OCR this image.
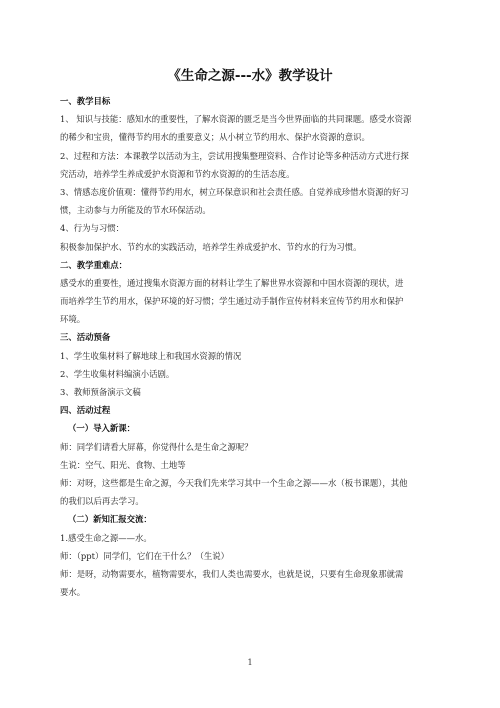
《生命之源---水》教学设计
一、教学目标
1、 知识与技能：感知水的重要性，了解水资源的匮乏是当今世界面临的共同课题。感受水资源
的稀少和宝贵，懂得节约用水的重要意义；从小树立节约用水、保护水资源的意识。
2、过程和方法：本课教学以活动为主，尝试用搜集整理资料、合作讨论等多种活动方式进行探
究活动，培养学生养成爱护水资源和节约水资源的的生活态度。
3、情感态度价值观：懂得节约用水，树立环保意识和社会责任感。自觉养成珍惜水资源的好习
惯，主动参与力所能及的节水环保活动。
4、行为与习惯：
积极参加保护水、节约水的实践活动，培养学生养成爱护水、节约水的行为习惯。
二、教学重难点：
感受水的重要性，通过搜集水资源方面的材料让学生了解世界水资源和中国水资源的现状，进
而培养学生节约用水，保护环境的好习惯；学生通过动手制作宣传材料来宣传节约用水和保护
环境。
三、活动预备
1、学生收集材料了解地球上和我国水资源的情况
2、学生收集材料编演小话剧。
3、教师预备演示文稿
四、活动过程
（一）导入新课：
师：同学们请看大屏幕，你觉得什么是生命之源呢？
生说：空气、阳光、食物、土地等
师：对呀，这些都是生命之源，今天我们先来学习其中一个生命之源——水（板书课题），其他
的我们以后再去学习。
（二）新知汇报交流：
1.感受生命之源——水。
师：（ppt）同学们，它们在干什么？（生说）
师：是呀，动物需要水，植物需要水，我们人类也需要水，也就是说，只要有生命现象那就需
要水。
1
